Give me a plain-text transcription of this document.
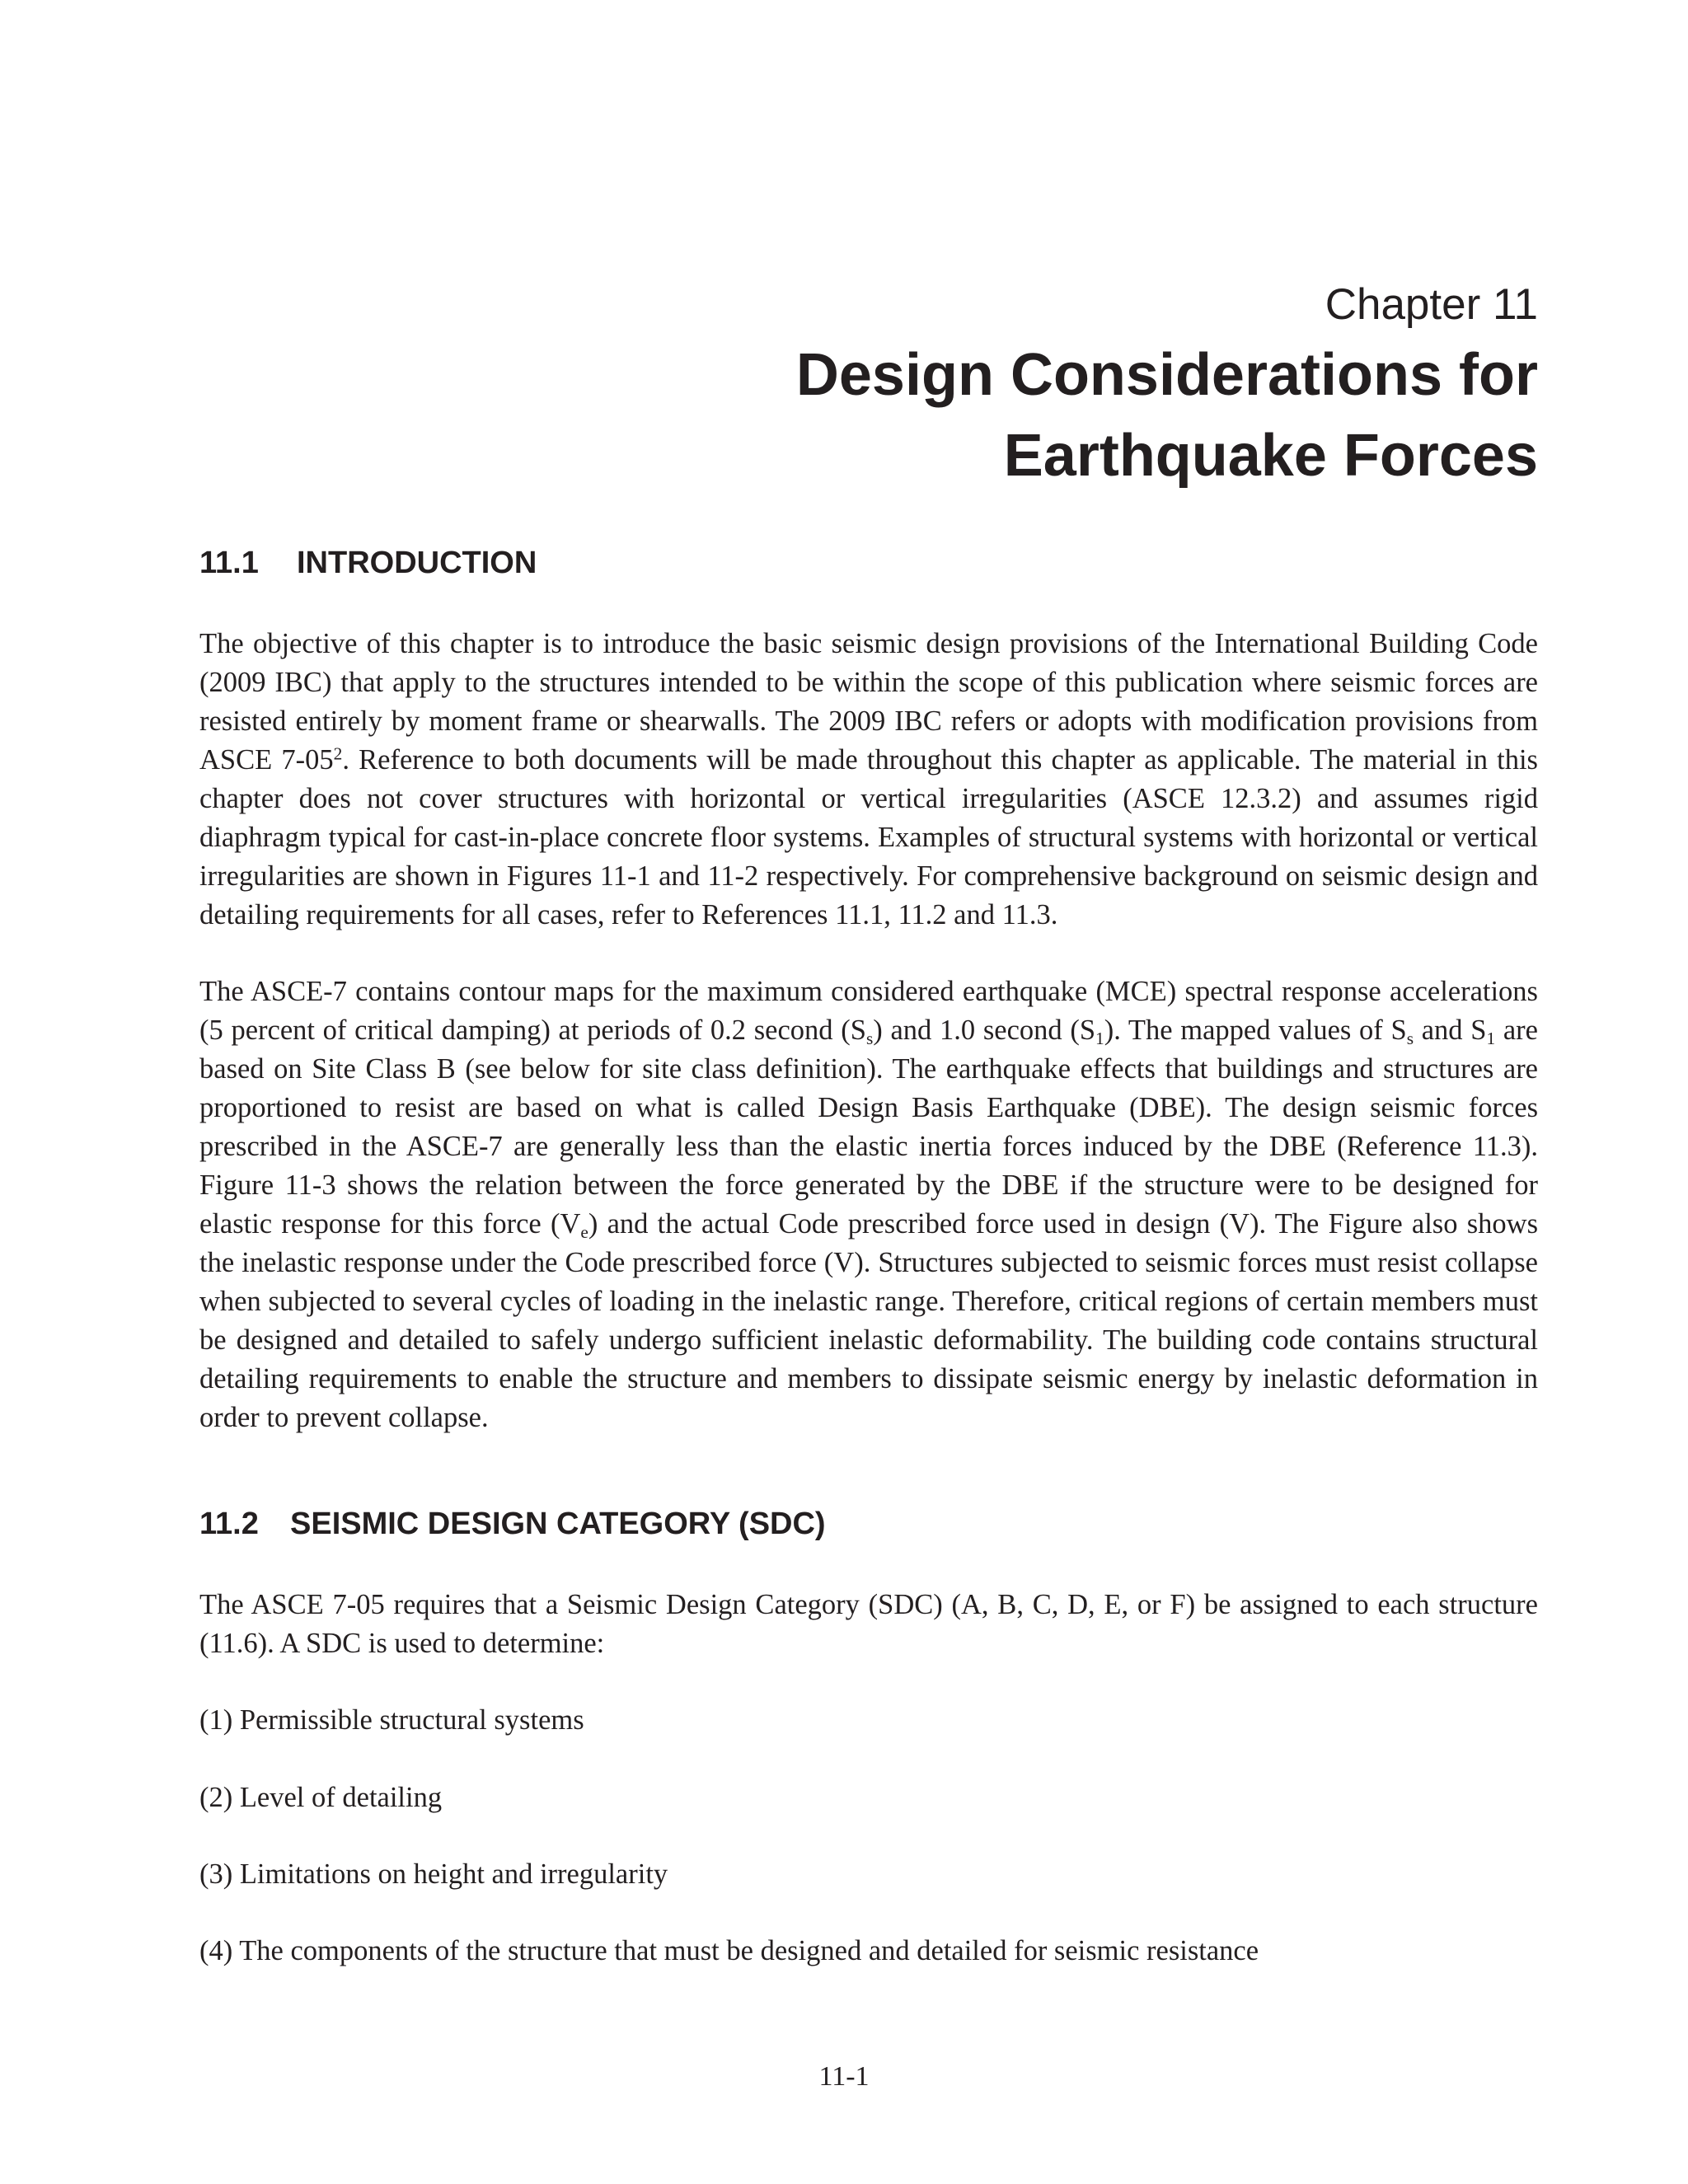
Chapter 11

Design Considerations for
Earthquake Forces
11.1 INTRODUCTION

The objective of this chapter is to introduce the basic seismic design provisions of the International Building Code (2009 IBC) that apply to the structures intended to be within the scope of this publication where seismic forces are resisted entirely by moment frame or shearwalls. The 2009 IBC refers or adopts with modification provisions from ASCE $7-05^2$. Reference to both documents will be made throughout this chapter as applicable. The material in this chapter does not cover structures with horizontal or vertical irregularities (ASCE 12.3.2) and assumes rigid diaphragm typical for cast-in-place concrete floor systems. Examples of structural systems with horizontal or vertical irregularities are shown in Figures 11-1 and 11-2 respectively. For comprehensive background on seismic design and detailing requirements for all cases, refer to References 11.1, 11.2 and 11.3.

The ASCE-7 contains contour maps for the maximum considered earthquake (MCE) spectral response accelerations (5 percent of critical damping) at periods of 0.2 second $(S_s)$ and 1.0 second $(S_1)$. The mapped values of $S_s$ and $S_1$ are based on Site Class B (see below for site class definition). The earthquake effects that buildings and structures are proportioned to resist are based on what is called Design Basis Earthquake (DBE). The design seismic forces prescribed in the ASCE-7 are generally less than the elastic inertia forces induced by the DBE (Reference 11.3). Figure 11-3 shows the relation between the force generated by the DBE if the structure were to be designed for elastic response for this force $(V_e)$ and the actual Code prescribed force used in design (V). The Figure also shows the inelastic response under the Code prescribed force (V). Structures subjected to seismic forces must resist collapse when subjected to several cycles of loading in the inelastic range. Therefore, critical regions of certain members must be designed and detailed to safely undergo sufficient inelastic deformability. The building code contains structural detailing requirements to enable the structure and members to dissipate seismic energy by inelastic deformation in order to prevent collapse.

11.2 SEISMIC DESIGN CATEGORY (SDC)

The ASCE 7-05 requires that a Seismic Design Category (SDC) (A, B, C, D, E, or F) be assigned to each structure (11.6). A SDC is used to determine:

(1) Permissible structural systems

(2) Level of detailing

(3) Limitations on height and irregularity

(4) The components of the structure that must be designed and detailed for seismic resistance

11-1
